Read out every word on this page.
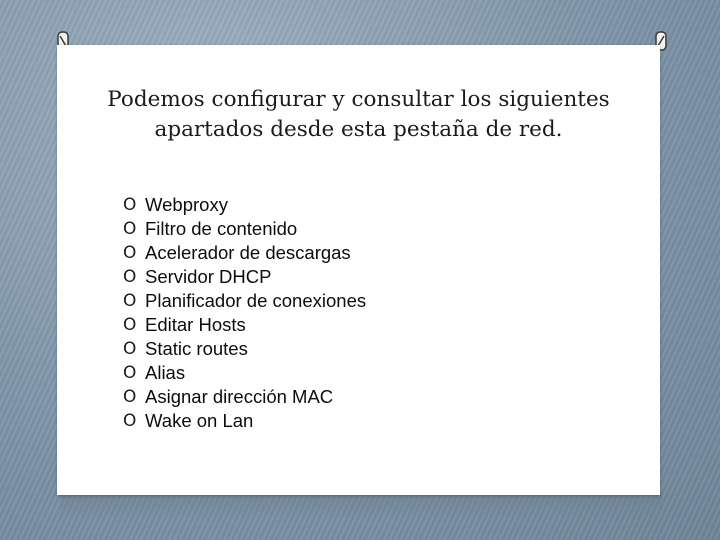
Podemos configurar y consultar los siguientes
apartados desde esta pestaña de red.
O Webproxy
O Filtro de contenido
O Acelerador de descargas
O Servidor DHCP
O Planificador de conexiones
O Editar Hosts
O Static routes
O Alias
O Asignar dirección MAC
O Wake on Lan
